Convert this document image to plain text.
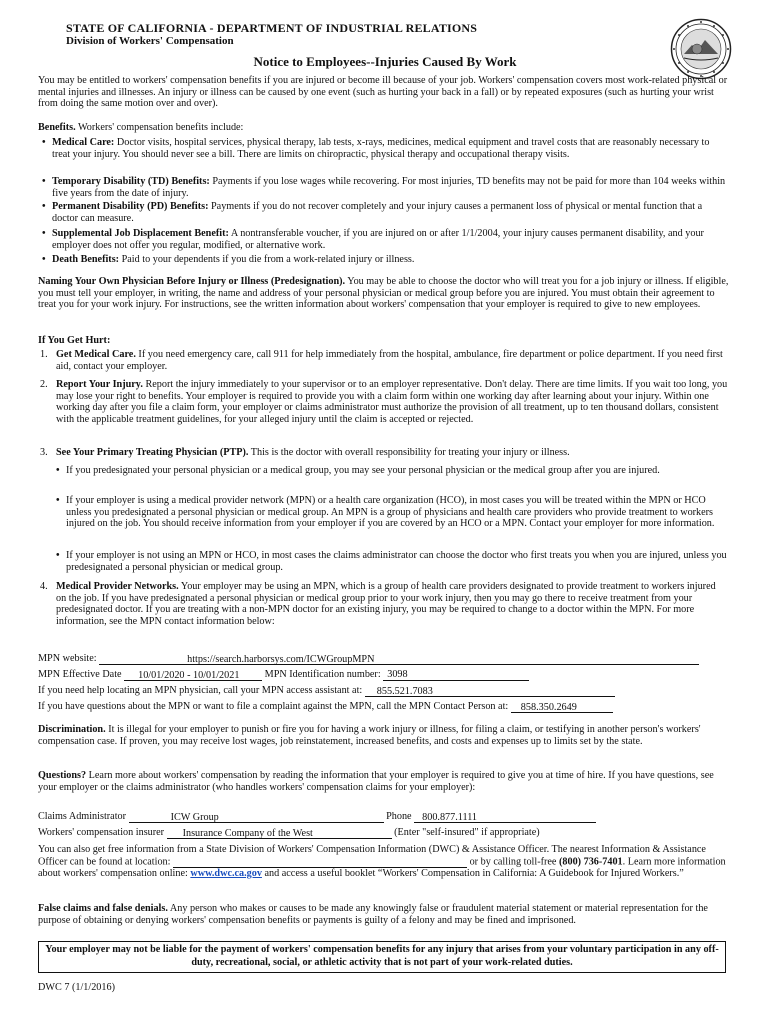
STATE OF CALIFORNIA - DEPARTMENT OF INDUSTRIAL RELATIONS
Division of Workers' Compensation
Notice to Employees--Injuries Caused By Work
You may be entitled to workers' compensation benefits if you are injured or become ill because of your job. Workers' compensation covers most work-related physical or mental injuries and illnesses. An injury or illness can be caused by one event (such as hurting your back in a fall) or by repeated exposures (such as hurting your wrist from doing the same motion over and over).
Benefits. Workers' compensation benefits include:
• Medical Care: Doctor visits, hospital services, physical therapy, lab tests, x-rays, medicines, medical equipment and travel costs that are reasonably necessary to treat your injury. You should never see a bill. There are limits on chiropractic, physical therapy and occupational therapy visits.
• Temporary Disability (TD) Benefits: Payments if you lose wages while recovering. For most injuries, TD benefits may not be paid for more than 104 weeks within five years from the date of injury.
• Permanent Disability (PD) Benefits: Payments if you do not recover completely and your injury causes a permanent loss of physical or mental function that a doctor can measure.
• Supplemental Job Displacement Benefit: A nontransferable voucher, if you are injured on or after 1/1/2004, your injury causes permanent disability, and your employer does not offer you regular, modified, or alternative work.
• Death Benefits: Paid to your dependents if you die from a work-related injury or illness.
Naming Your Own Physician Before Injury or Illness (Predesignation). You may be able to choose the doctor who will treat you for a job injury or illness. If eligible, you must tell your employer, in writing, the name and address of your personal physician or medical group before you are injured. You must obtain their agreement to treat you for your work injury. For instructions, see the written information about workers' compensation that your employer is required to give to new employees.
If You Get Hurt:
1. Get Medical Care. If you need emergency care, call 911 for help immediately from the hospital, ambulance, fire department or police department. If you need first aid, contact your employer.
2. Report Your Injury. Report the injury immediately to your supervisor or to an employer representative. Don't delay. There are time limits. If you wait too long, you may lose your right to benefits. Your employer is required to provide you with a claim form within one working day after learning about your injury. Within one working day after you file a claim form, your employer or claims administrator must authorize the provision of all treatment, up to ten thousand dollars, consistent with the applicable treatment guidelines, for your alleged injury until the claim is accepted or rejected.
3. See Your Primary Treating Physician (PTP). This is the doctor with overall responsibility for treating your injury or illness.
• If you predesignated your personal physician or a medical group, you may see your personal physician or the medical group after you are injured.
• If your employer is using a medical provider network (MPN) or a health care organization (HCO), in most cases you will be treated within the MPN or HCO unless you predesignated a personal physician or medical group. An MPN is a group of physicians and health care providers who provide treatment to workers injured on the job. You should receive information from your employer if you are covered by an HCO or a MPN. Contact your employer for more information.
• If your employer is not using an MPN or HCO, in most cases the claims administrator can choose the doctor who first treats you when you are injured, unless you predesignated a personal physician or medical group.
4. Medical Provider Networks. Your employer may be using an MPN, which is a group of health care providers designated to provide treatment to workers injured on the job. If you have predesignated a personal physician or medical group prior to your work injury, then you may go there to receive treatment from your predesignated doctor. If you are treating with a non-MPN doctor for an existing injury, you may be required to change to a doctor within the MPN. For more information, see the MPN contact information below:
MPN website:	https://search.harborsys.com/ICWGroupMPN
MPN Effective Date 10/01/2020 - 10/01/2021 MPN Identification number: 3098
If you need help locating an MPN physician, call your MPN access assistant at: 855.521.7083
If you have questions about the MPN or want to file a complaint against the MPN, call the MPN Contact Person at: 858.350.2649
Discrimination. It is illegal for your employer to punish or fire you for having a work injury or illness, for filing a claim, or testifying in another person's workers' compensation case. If proven, you may receive lost wages, job reinstatement, increased benefits, and costs and expenses up to limits set by the state.
Questions? Learn more about workers' compensation by reading the information that your employer is required to give you at time of hire. If you have questions, see your employer or the claims administrator (who handles workers' compensation claims for your employer):
Claims Administrator	ICW Group	Phone 800.877.1111
Workers' compensation insurer Insurance Company of the West	(Enter "self-insured" if appropriate)
You can also get free information from a State Division of Workers' Compensation Information (DWC) & Assistance Officer. The nearest Information & Assistance Officer can be found at location:	or by calling toll-free (800) 736-7401. Learn more information about workers' compensation online: www.dwc.ca.gov and access a useful booklet “Workers' Compensation in California: A Guidebook for Injured Workers.”
False claims and false denials. Any person who makes or causes to be made any knowingly false or fraudulent material statement or material representation for the purpose of obtaining or denying workers' compensation benefits or payments is guilty of a felony and may be fined and imprisoned.
Your employer may not be liable for the payment of workers' compensation benefits for any injury that arises from your voluntary participation in any off-duty, recreational, social, or athletic activity that is not part of your work-related duties.
DWC 7 (1/1/2016)
